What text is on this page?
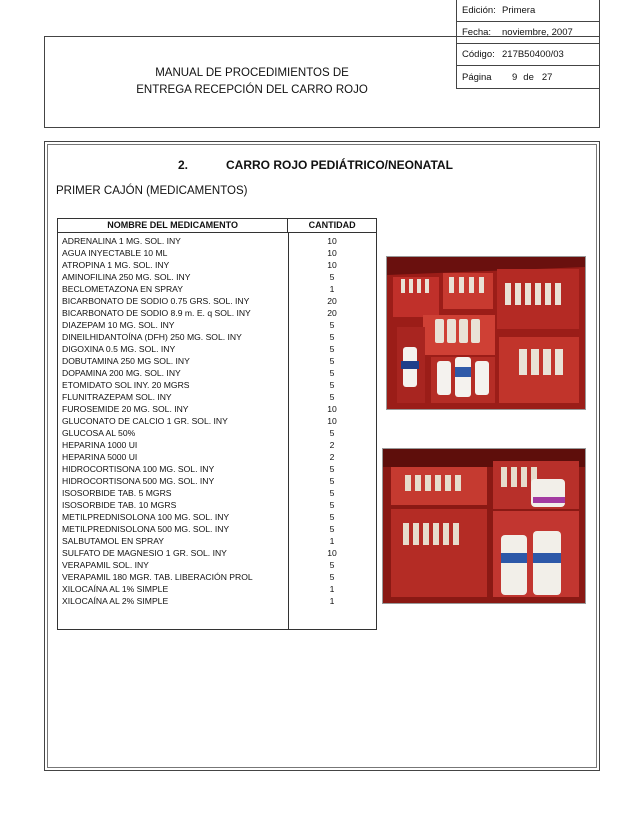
MANUAL DE PROCEDIMIENTOS DE
ENTREGA RECEPCIÓN DEL CARRO ROJO
Edición: Primera
Fecha:	noviembre, 2007
Código: 217B50400/03
Página	9 de 27
2.	CARRO ROJO PEDIÁTRICO/NEONATAL
PRIMER CAJÓN (MEDICAMENTOS)
NOMBRE DEL MEDICAMENTO	CANTIDAD
ADRENALINA 1 MG. SOL. INY	10
AGUA INYECTABLE 10 ML	10
ATROPINA 1 MG. SOL. INY	10
AMINOFILINA 250 MG. SOL. INY	5
BECLOMETAZONA EN SPRAY	1
BICARBONATO DE SODIO 0.75 GRS. SOL. INY	20
BICARBONATO DE SODIO 8.9 m. E. q SOL. INY	20
DIAZEPAM 10 MG. SOL. INY	5
DINEILHIDANTOÍNA (DFH) 250 MG. SOL. INY	5
DIGOXINA 0.5 MG. SOL. INY	5
DOBUTAMINA 250 MG SOL. INY	5
DOPAMINA 200 MG. SOL. INY	5
ETOMIDATO SOL INY. 20 MGRS	5
FLUNITRAZEPAM SOL. INY	5
FUROSEMIDE 20 MG. SOL. INY	10
GLUCONATO DE CALCIO 1 GR. SOL. INY	10
GLUCOSA AL 50%	5
HEPARINA 1000 UI	2
HEPARINA 5000 UI	2
HIDROCORTISONA 100 MG. SOL. INY	5
HIDROCORTISONA 500 MG. SOL. INY	5
ISOSORBIDE TAB. 5 MGRS	5
ISOSORBIDE TAB. 10 MGRS	5
METILPREDNISOLONA 100 MG. SOL. INY	5
METILPREDNISOLONA 500 MG. SOL. INY	5
SALBUTAMOL EN SPRAY	1
SULFATO DE MAGNESIO 1 GR. SOL. INY	10
VERAPAMIL SOL. INY	5
VERAPAMIL 180 MGR. TAB. LIBERACIÓN PROL	5
XILOCAÍNA AL 1% SIMPLE	1
XILOCAÍNA AL 2% SIMPLE	1
